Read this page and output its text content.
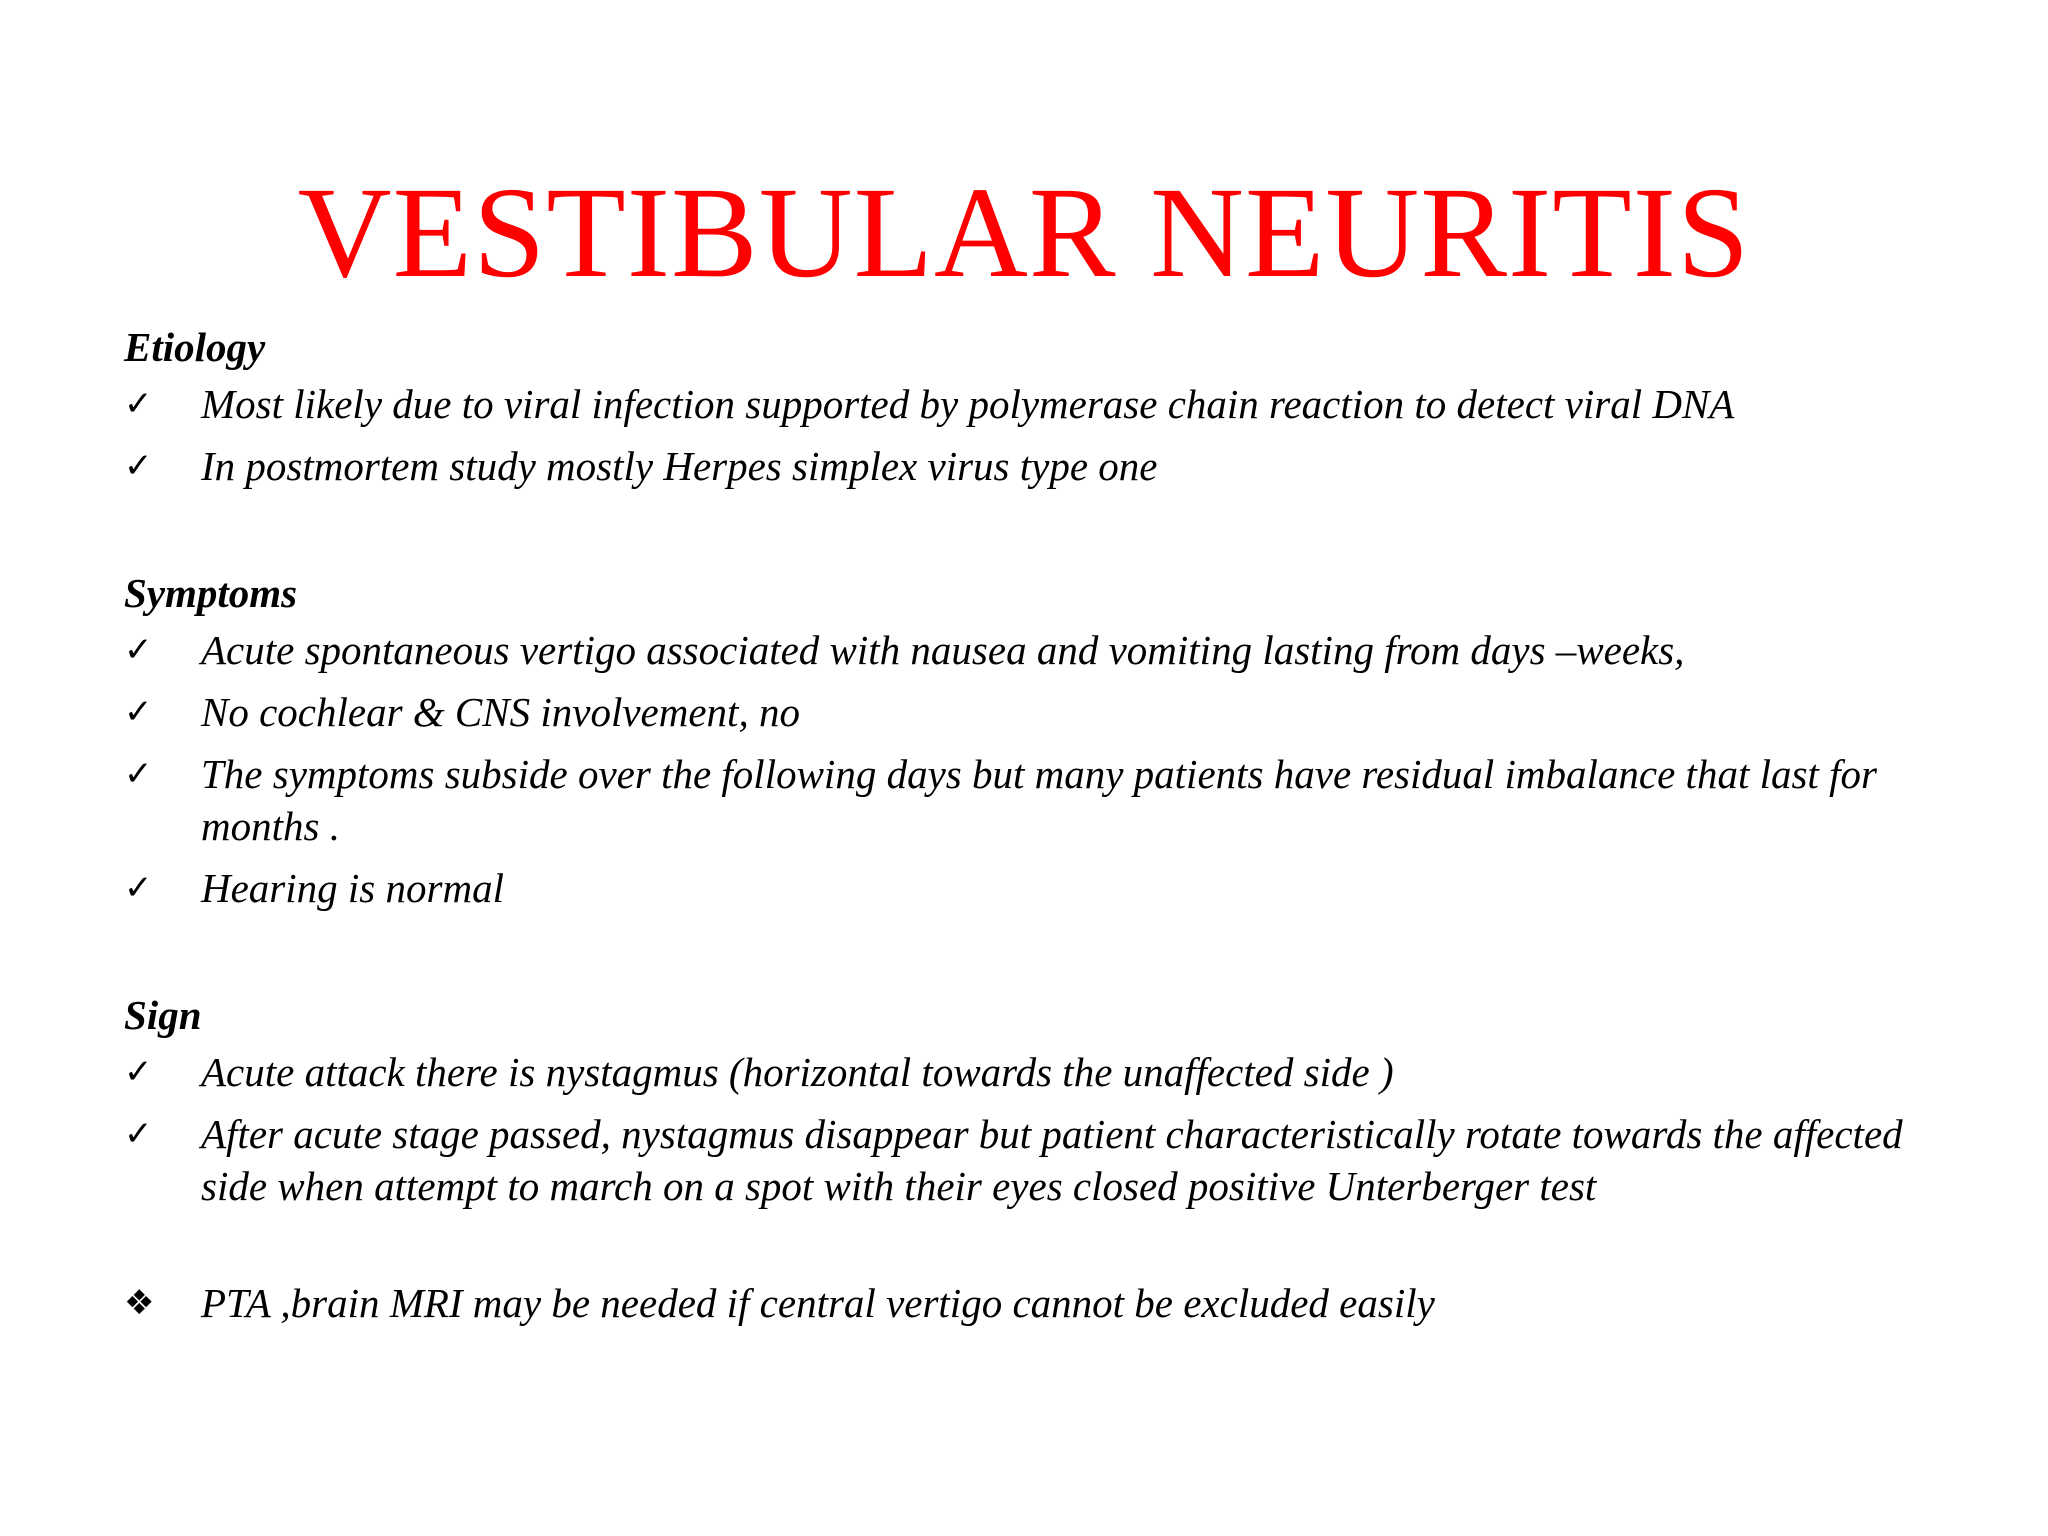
VESTIBULAR NEURITIS

Etiology

✓ Most likely due to viral infection supported by polymerase chain reaction to detect viral DNA
✓ In postmortem study mostly Herpes simplex virus type one

Symptoms

✓ Acute spontaneous vertigo associated with nausea and vomiting lasting from days –weeks,
✓ No cochlear & CNS involvement, no
✓ The symptoms subside over the following days but many patients have residual imbalance that last for months .
✓ Hearing is normal

Sign

✓ Acute attack there is nystagmus (horizontal towards the unaffected side )
✓ After acute stage passed, nystagmus disappear but patient characteristically rotate towards the affected side when attempt to march on a spot with their eyes closed positive Unterberger test
❖ PTA ,brain MRI may be needed if central vertigo cannot be excluded easily
